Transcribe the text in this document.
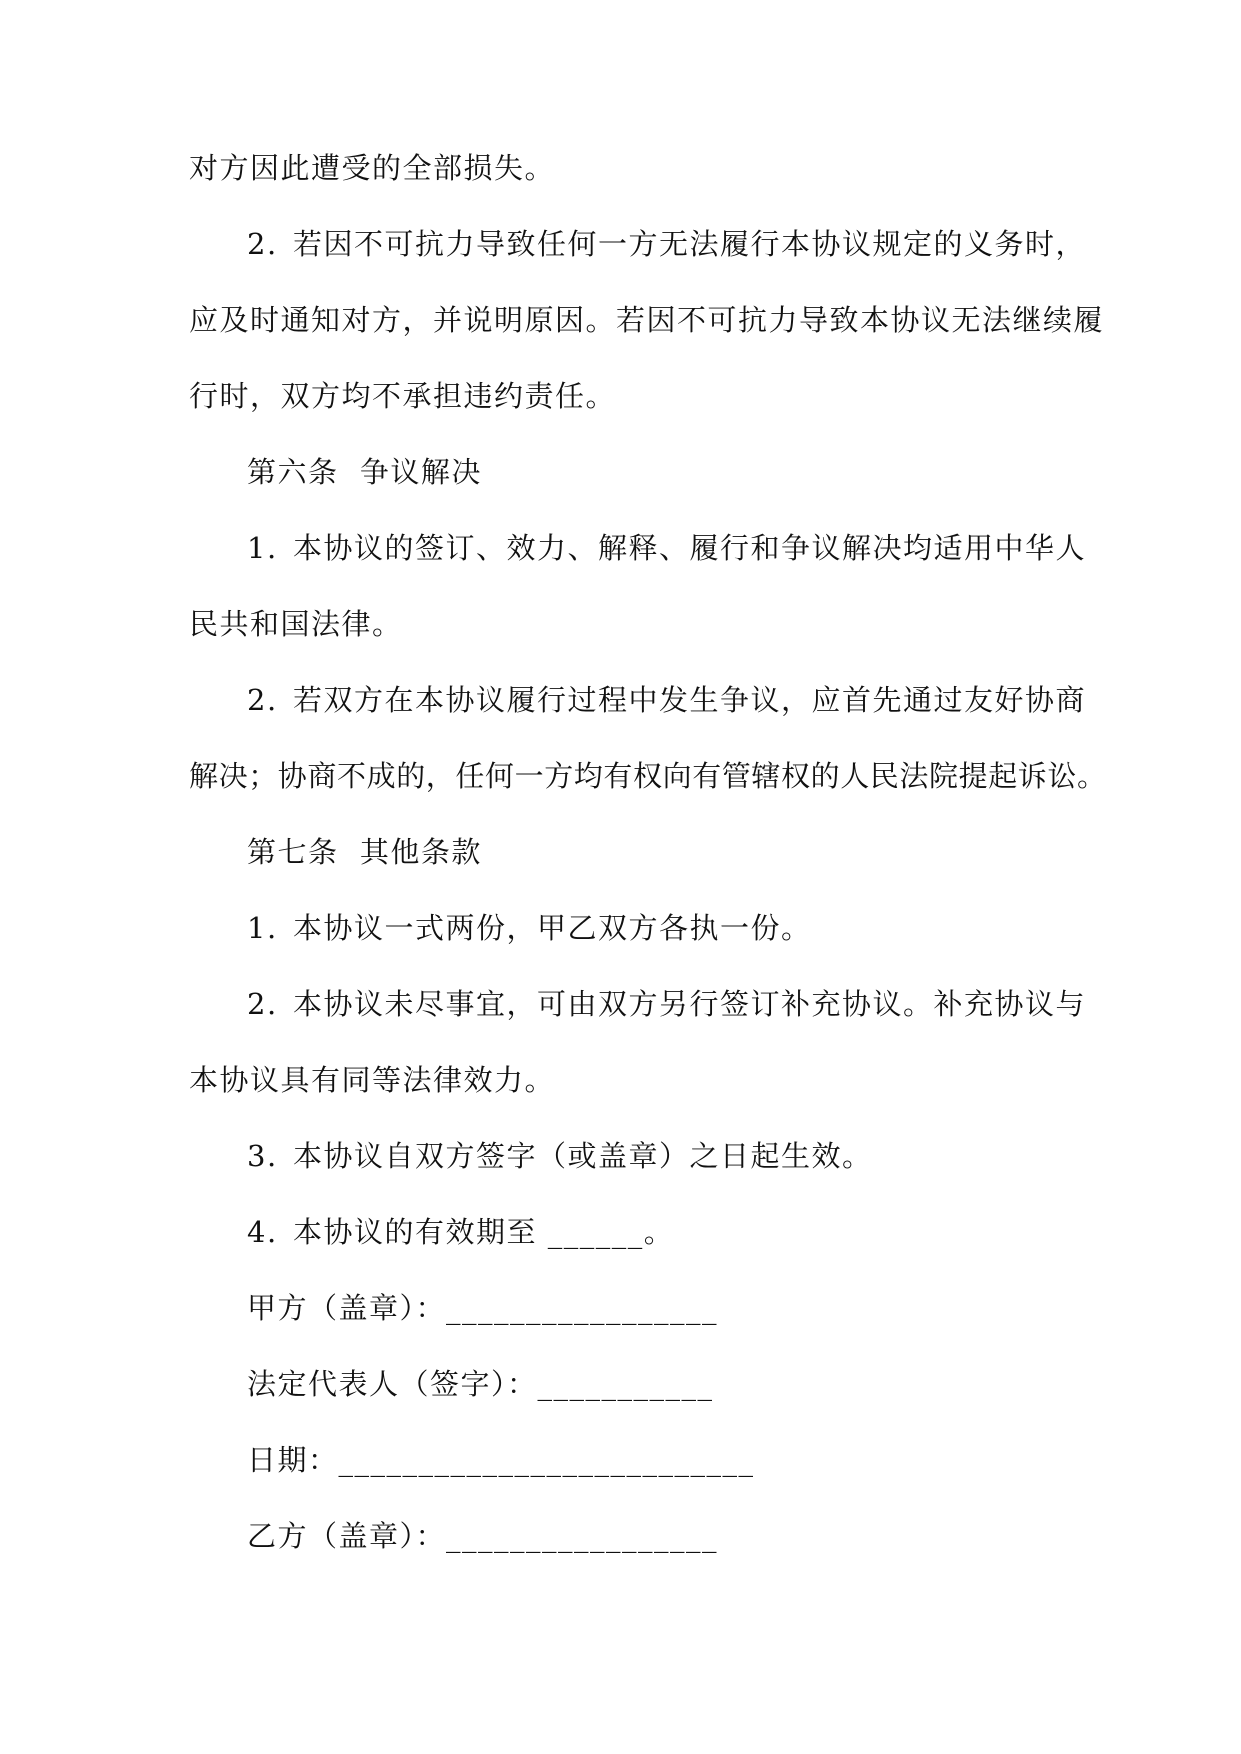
对方因此遭受的全部损失。
2. 若因不可抗力导致任何一方无法履行本协议规定的义务时，
应及时通知对方，并说明原因。若因不可抗力导致本协议无法继续履
行时，双方均不承担违约责任。
第六条  争议解决
1. 本协议的签订、效力、解释、履行和争议解决均适用中华人
民共和国法律。
2. 若双方在本协议履行过程中发生争议，应首先通过友好协商
解决；协商不成的，任何一方均有权向有管辖权的人民法院提起诉讼。
第七条  其他条款
1. 本协议一式两份，甲乙双方各执一份。
2. 本协议未尽事宜，可由双方另行签订补充协议。补充协议与
本协议具有同等法律效力。
3. 本协议自双方签字（或盖章）之日起生效。
4. 本协议的有效期至 ______。
甲方（盖章）：_________________
法定代表人（签字）：___________
日期：__________________________
乙方（盖章）：_________________
